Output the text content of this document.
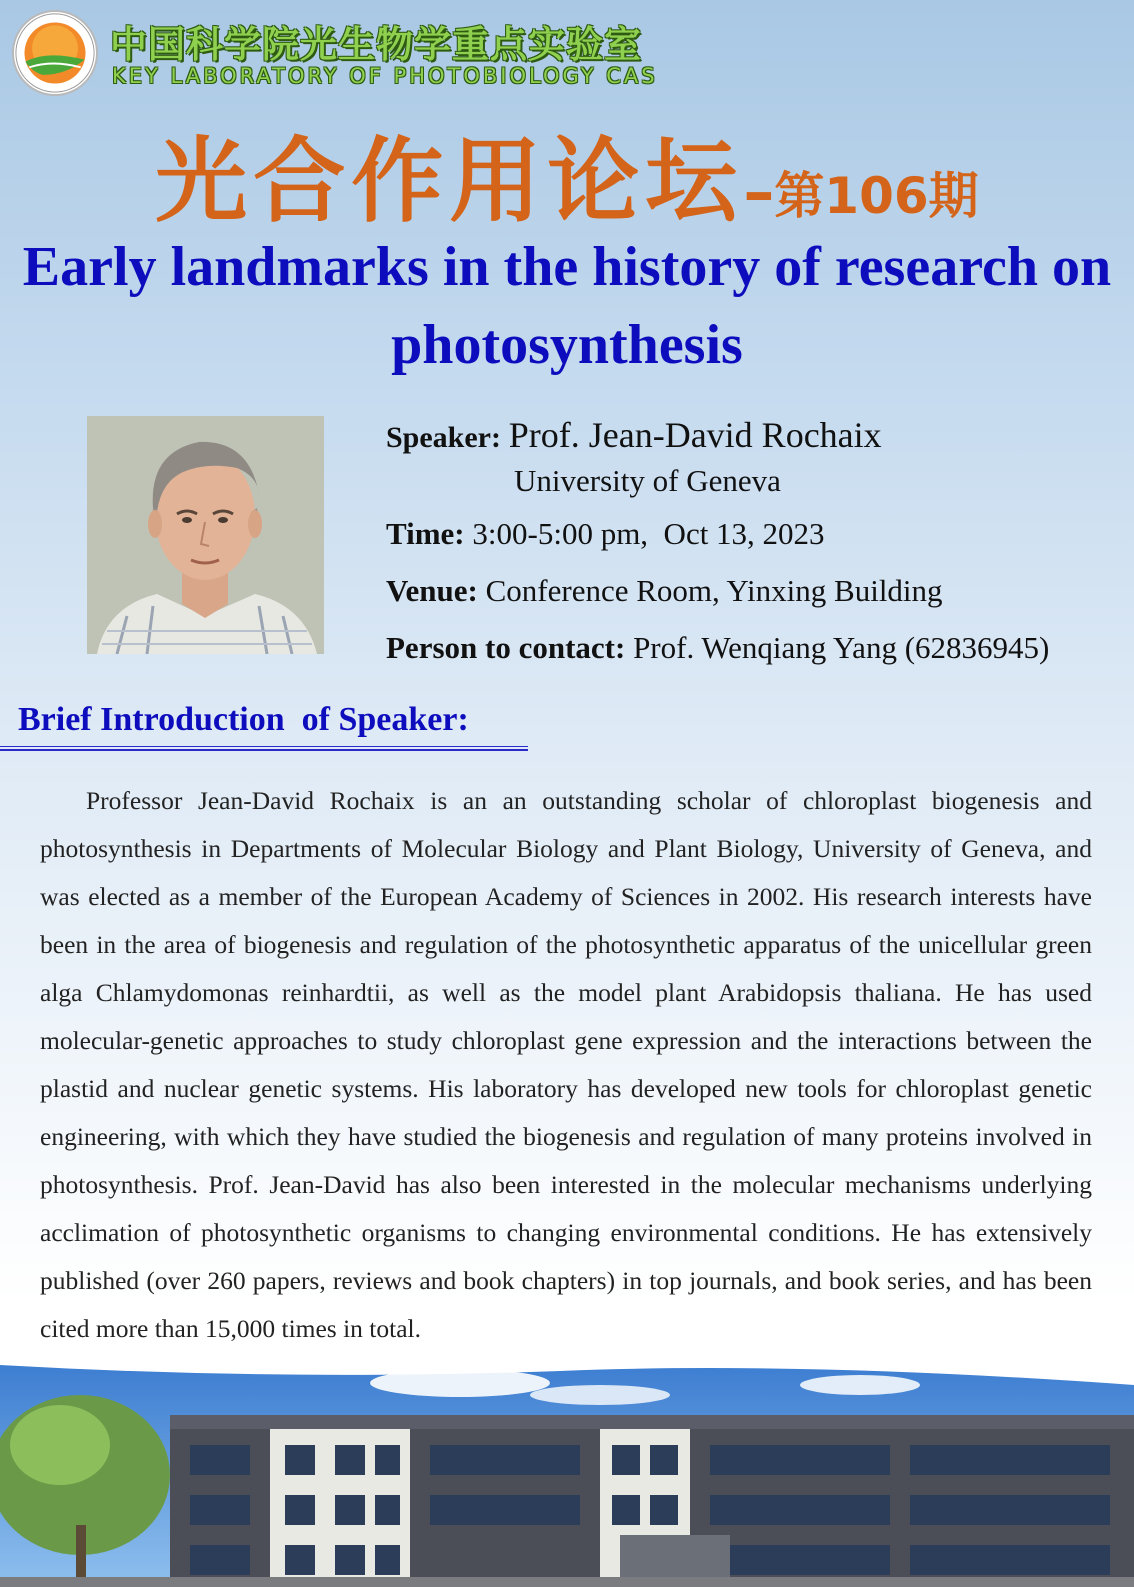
中国科学院光生物学重点实验室
KEY LABORATORY OF PHOTOBIOLOGY CAS
光合作用论坛–第106期
Early landmarks in the history of research on photosynthesis
Speaker: Prof. Jean-David Rochaix
University of Geneva
Time: 3:00-5:00 pm,  Oct 13, 2023
Venue: Conference Room, Yinxing Building
Person to contact: Prof. Wenqiang Yang (62836945)
Brief Introduction  of Speaker:
Professor Jean-David Rochaix is an an outstanding scholar of chloroplast biogenesis and photosynthesis in Departments of Molecular Biology and Plant Biology, University of Geneva, and was elected as a member of the European Academy of Sciences in 2002. His research interests have been in the area of biogenesis and regulation of the photosynthetic apparatus of the unicellular green alga Chlamydomonas reinhardtii, as well as the model plant Arabidopsis thaliana. He has used molecular-genetic approaches to study chloroplast gene expression and the interactions between the plastid and nuclear genetic systems. His laboratory has developed new tools for chloroplast genetic engineering, with which they have studied the biogenesis and regulation of many proteins involved in photosynthesis. Prof. Jean-David has also been interested in the molecular mechanisms underlying acclimation of photosynthetic organisms to changing environmental conditions. He has extensively published (over 260 papers, reviews and book chapters) in top journals, and book series, and has been cited more than 15,000 times in total.
